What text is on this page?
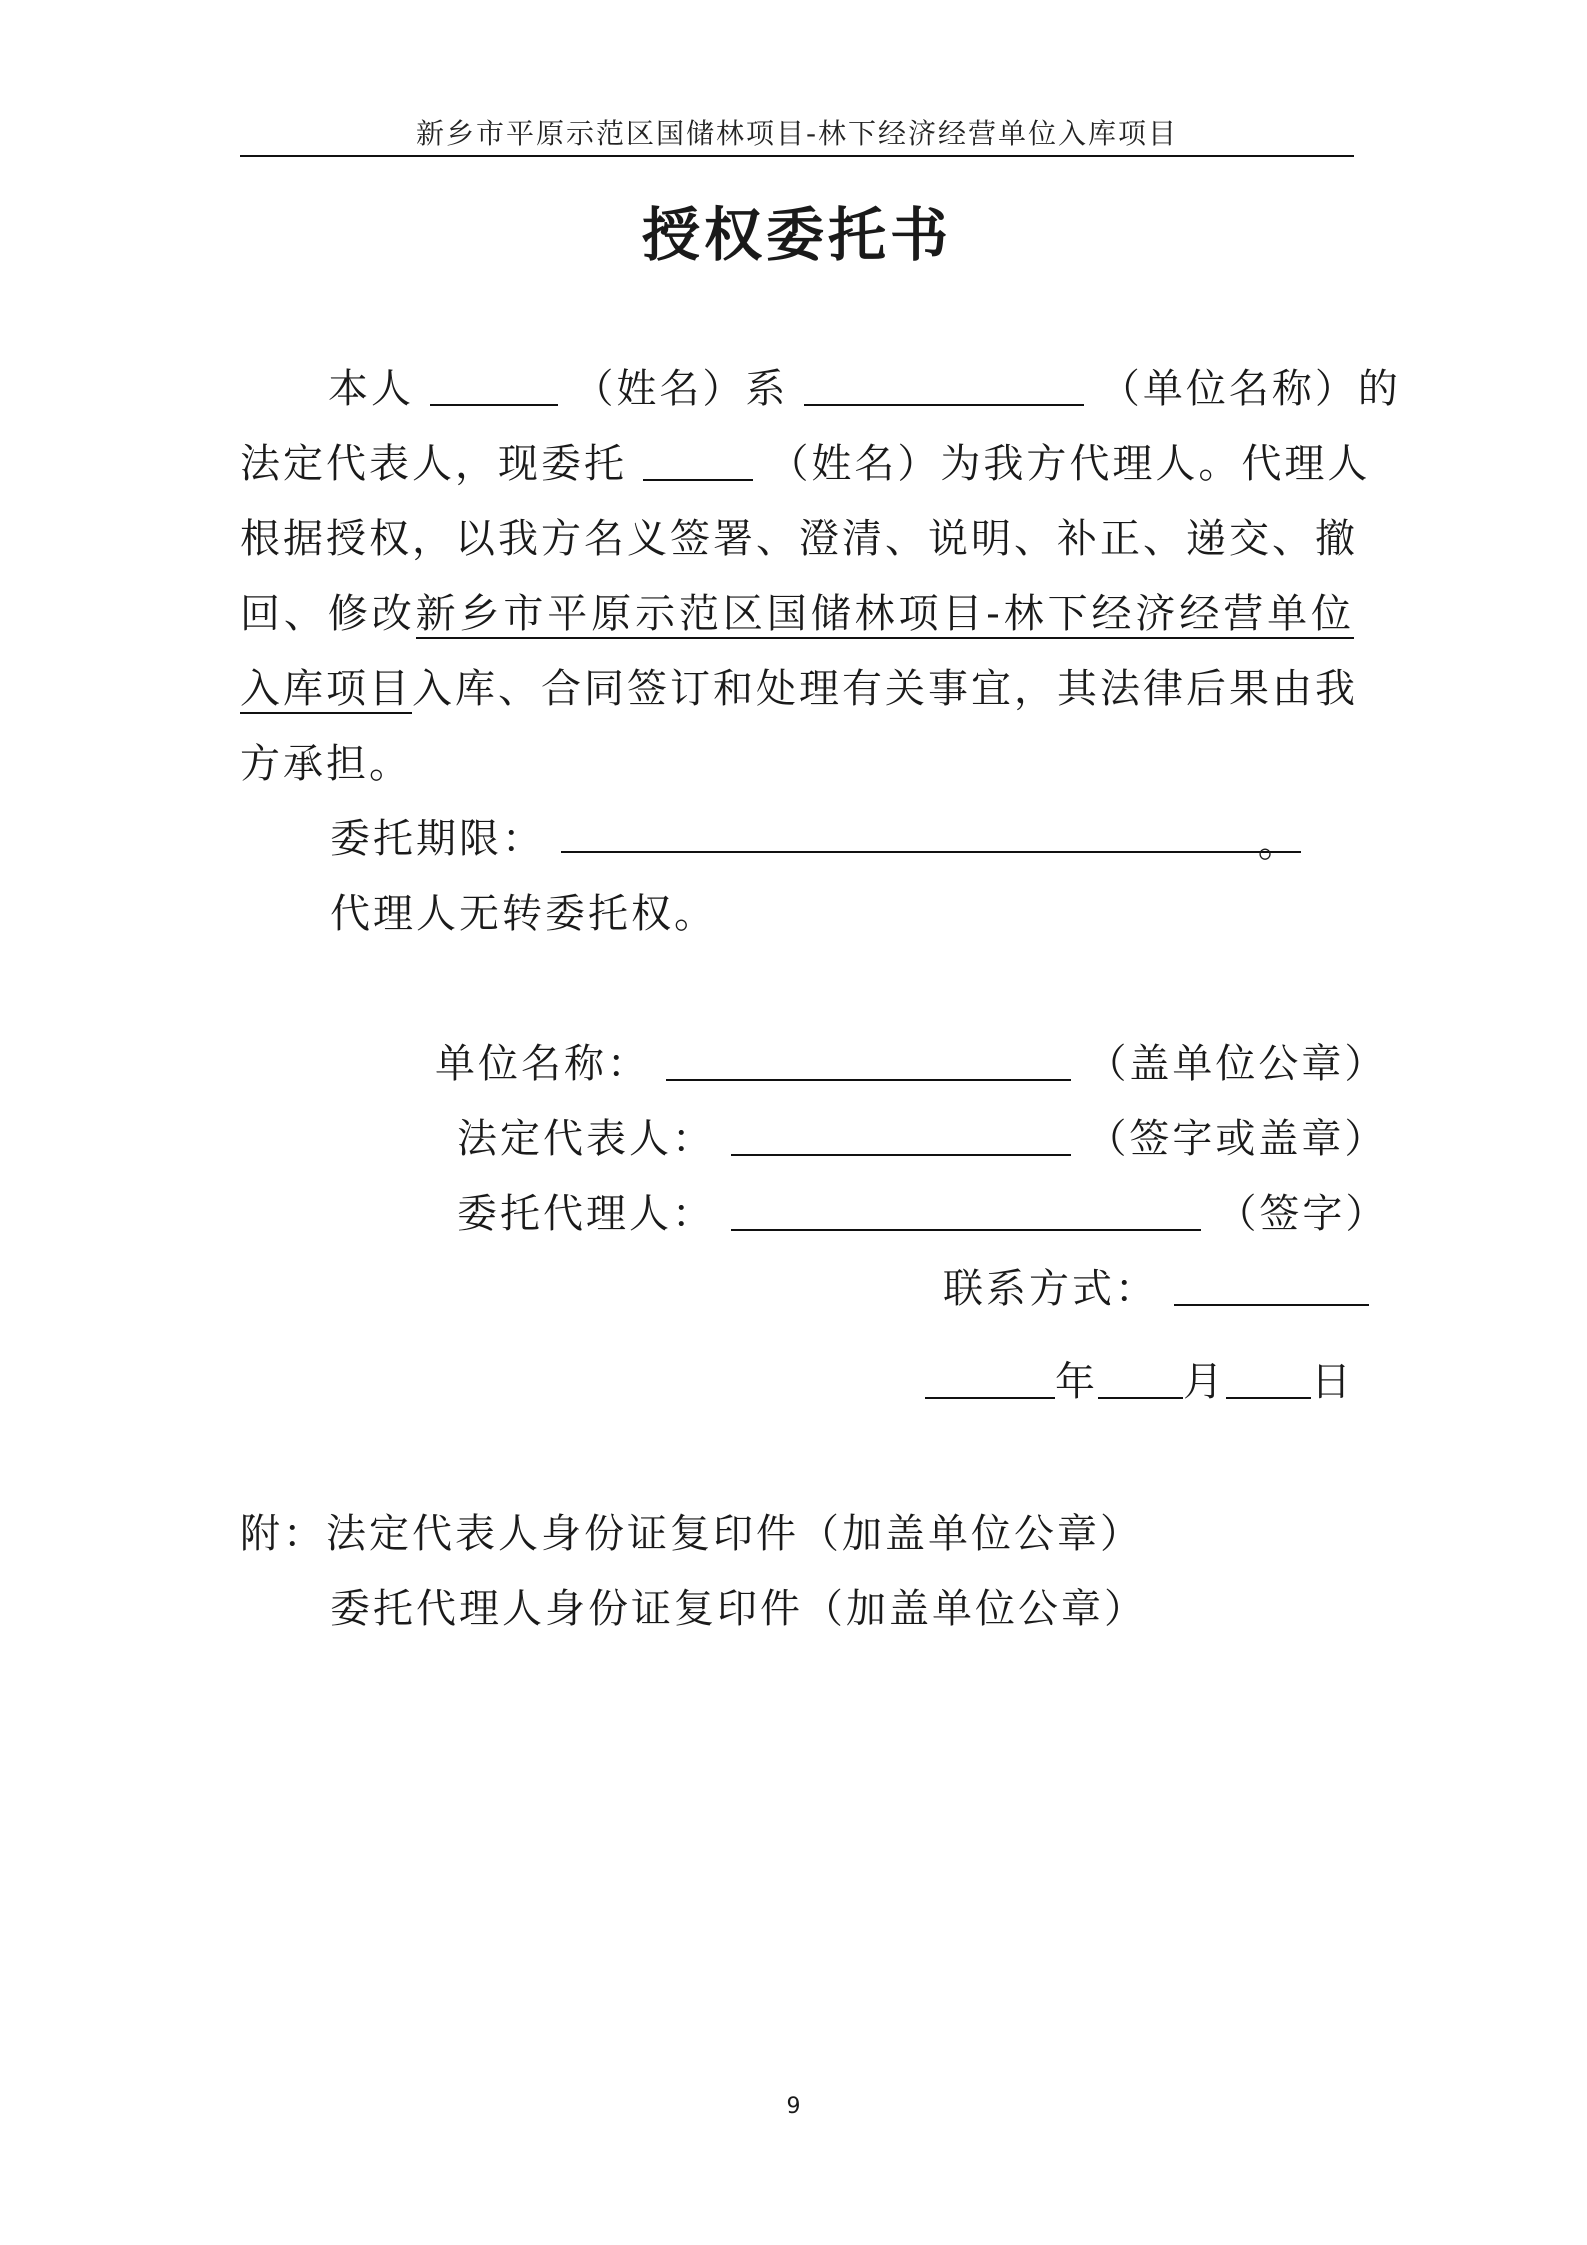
新乡市平原示范区国储林项目-林下经济经营单位入库项目
授权委托书
本人	（姓名）系	（单位名称）的
法定代表人，现委托	（姓名）为我方代理人。代理人
根据授权，以我方名义签署、澄清、说明、补正、递交、撤
回、修改新乡市平原示范区国储林项目-林下经济经营单位
入库项目入库、合同签订和处理有关事宜，其法律后果由我
方承担。
委托期限：	。
代理人无转委托权。
单位名称：	（盖单位公章）
法定代表人：	（签字或盖章）
委托代理人：	（签字）
联系方式：
年 月 日
附：法定代表人身份证复印件（加盖单位公章）
委托代理人身份证复印件（加盖单位公章）
9
